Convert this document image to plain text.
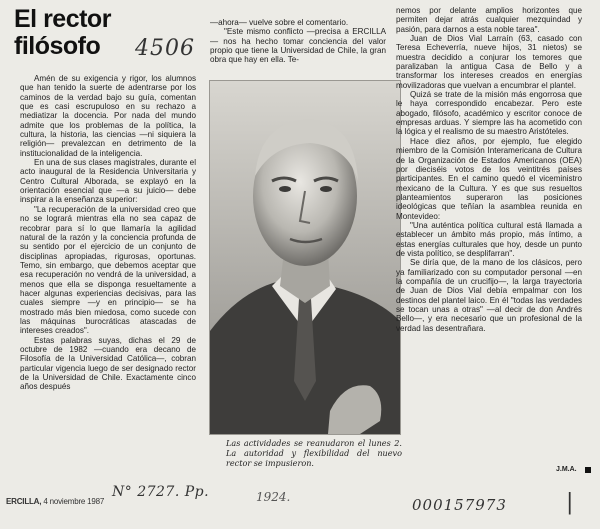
El rector filósofo	4506

Amén de su exigencia y rigor, los alumnos que han tenido la suerte de adentrarse por los caminos de la verdad bajo su guía, comentan que es casi escrupuloso en su rechazo a mediatizar la docencia. Por nada del mundo admite que los problemas de la política, la cultura, la historia, las ciencias —ni siquiera la religión— prevalezcan en detrimento de la institucionalidad de la inteligencia.

En una de sus clases magistrales, durante el acto inaugural de la Residencia Universitaria y Centro Cultural Alborada, se explayó en la orientación esencial que —a su juicio— debe inspirar a la enseñanza superior:

"La recuperación de la universidad creo que no se logrará mientras ella no sea capaz de recobrar para sí lo que llamaría la agilidad natural de la razón y la conciencia profunda de su sentido por el ejercicio de un conjunto de disciplinas apropiadas, rigurosas, oportunas. Temo, sin embargo, que debemos aceptar que esa recuperación no vendrá de la universidad, a menos que ella se disponga resueltamente a hacer algunas experiencias decisivas, para las cuales siempre —y en principio— se ha mostrado más bien miedosa, como sucede con las máquinas burocráticas atascadas de intereses creados".

Estas palabras suyas, dichas el 29 de octubre de 1982 —cuando era decano de Filosofía de la Universidad Católica—, cobran particular vigencia luego de ser designado rector de la Universidad de Chile. Exactamente cinco años después

—ahora— vuelve sobre el comentario.

"Este mismo conflicto —precisa a ERCILLA— nos ha hecho tomar conciencia del valor propio que tiene la Universidad de Chile, la gran obra que hay en ella. Te-

Las actividades se reanudaron el lunes 2. La autoridad y flexibilidad del nuevo rector se impusieron.

nemos por delante amplios horizontes que permiten dejar atrás cualquier mezquindad y pasión, para darnos a esta noble tarea".

Juan de Dios Vial Larraín (63, casado con Teresa Echeverría, nueve hijos, 31 nietos) se muestra decidido a conjurar los temores que paralizaban la antigua Casa de Bello y a transformar los intereses creados en energías movilizadoras que vuelvan a encumbrar el plantel.

Quizá se trate de la misión más engorrosa que le haya correspondido encabezar. Pero este abogado, filósofo, académico y escritor conoce de empresas arduas. Y siempre las ha acometido con la lógica y el realismo de su maestro Aristóteles.

Hace diez años, por ejemplo, fue elegido miembro de la Comisión Interamericana de Cultura de la Organización de Estados Americanos (OEA) por dieciséis votos de los veintitrés países participantes. En el camino quedó el viceministro mexicano de la Cultura. Y es que sus resueltos planteamientos superaron las posiciones ideológicas que teñían la asamblea reunida en Montevideo:

"Una auténtica política cultural está llamada a establecer un ámbito más propio, más íntimo, a estas energías culturales que hoy, desde un punto de vista político, se desplifarran".

Se diría que, de la mano de los clásicos, pero ya familiarizado con su computador personal —en la compañía de un crucifijo—, la larga trayectoria de Juan de Dios Vial debía empalmar con los destinos del plantel laico. En él "todas las verdades se tocan unas a otras" —al decir de don Andrés Bello—, y era necesario que un profesional de la verdad las desentrañara.

J.M.A.
ERCILLA, 4 noviembre 1987
N° 2727. Pp.	1924.	000157973	|
